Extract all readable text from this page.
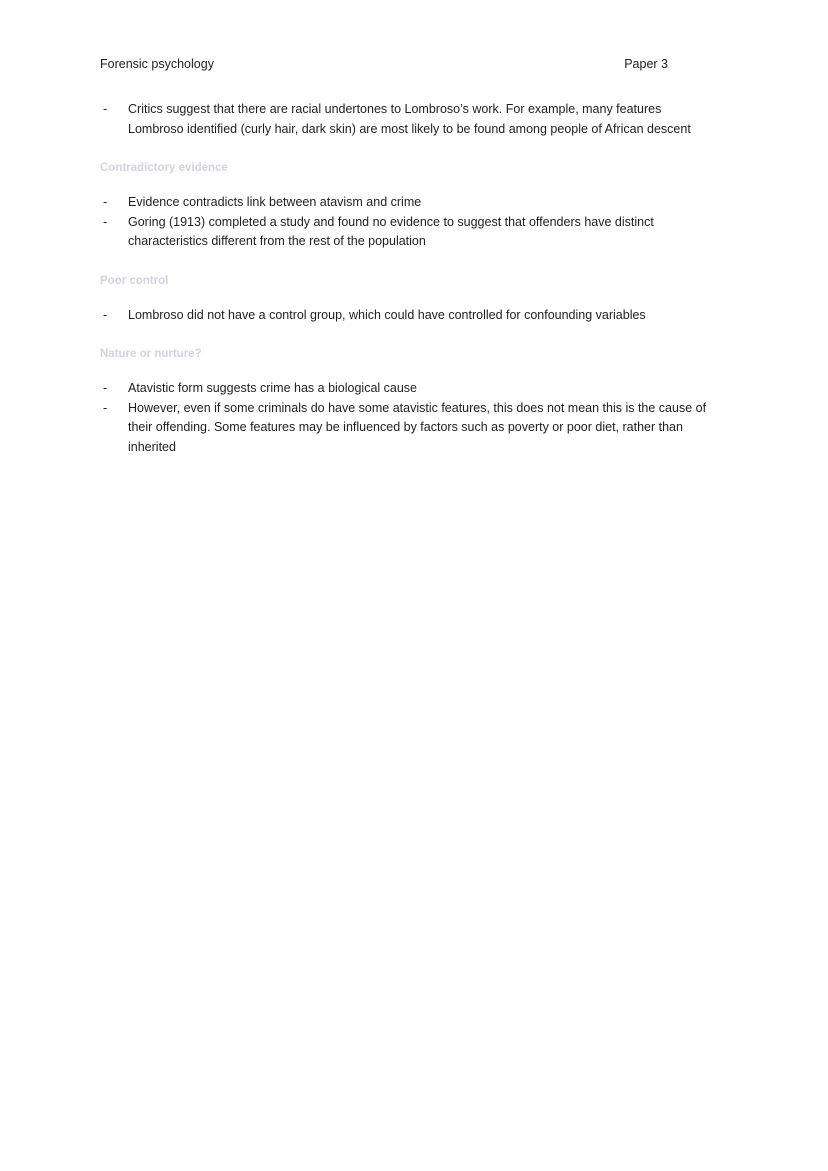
Forensic psychology	Paper 3
- Critics suggest that there are racial undertones to Lombroso’s work. For example, many features Lombroso identified (curly hair, dark skin) are most likely to be found among people of African descent
Contradictory evidence
- Evidence contradicts link between atavism and crime
- Goring (1913) completed a study and found no evidence to suggest that offenders have distinct characteristics different from the rest of the population
Poor control
- Lombroso did not have a control group, which could have controlled for confounding variables
Nature or nurture?
- Atavistic form suggests crime has a biological cause
- However, even if some criminals do have some atavistic features, this does not mean this is the cause of their offending. Some features may be influenced by factors such as poverty or poor diet, rather than inherited
